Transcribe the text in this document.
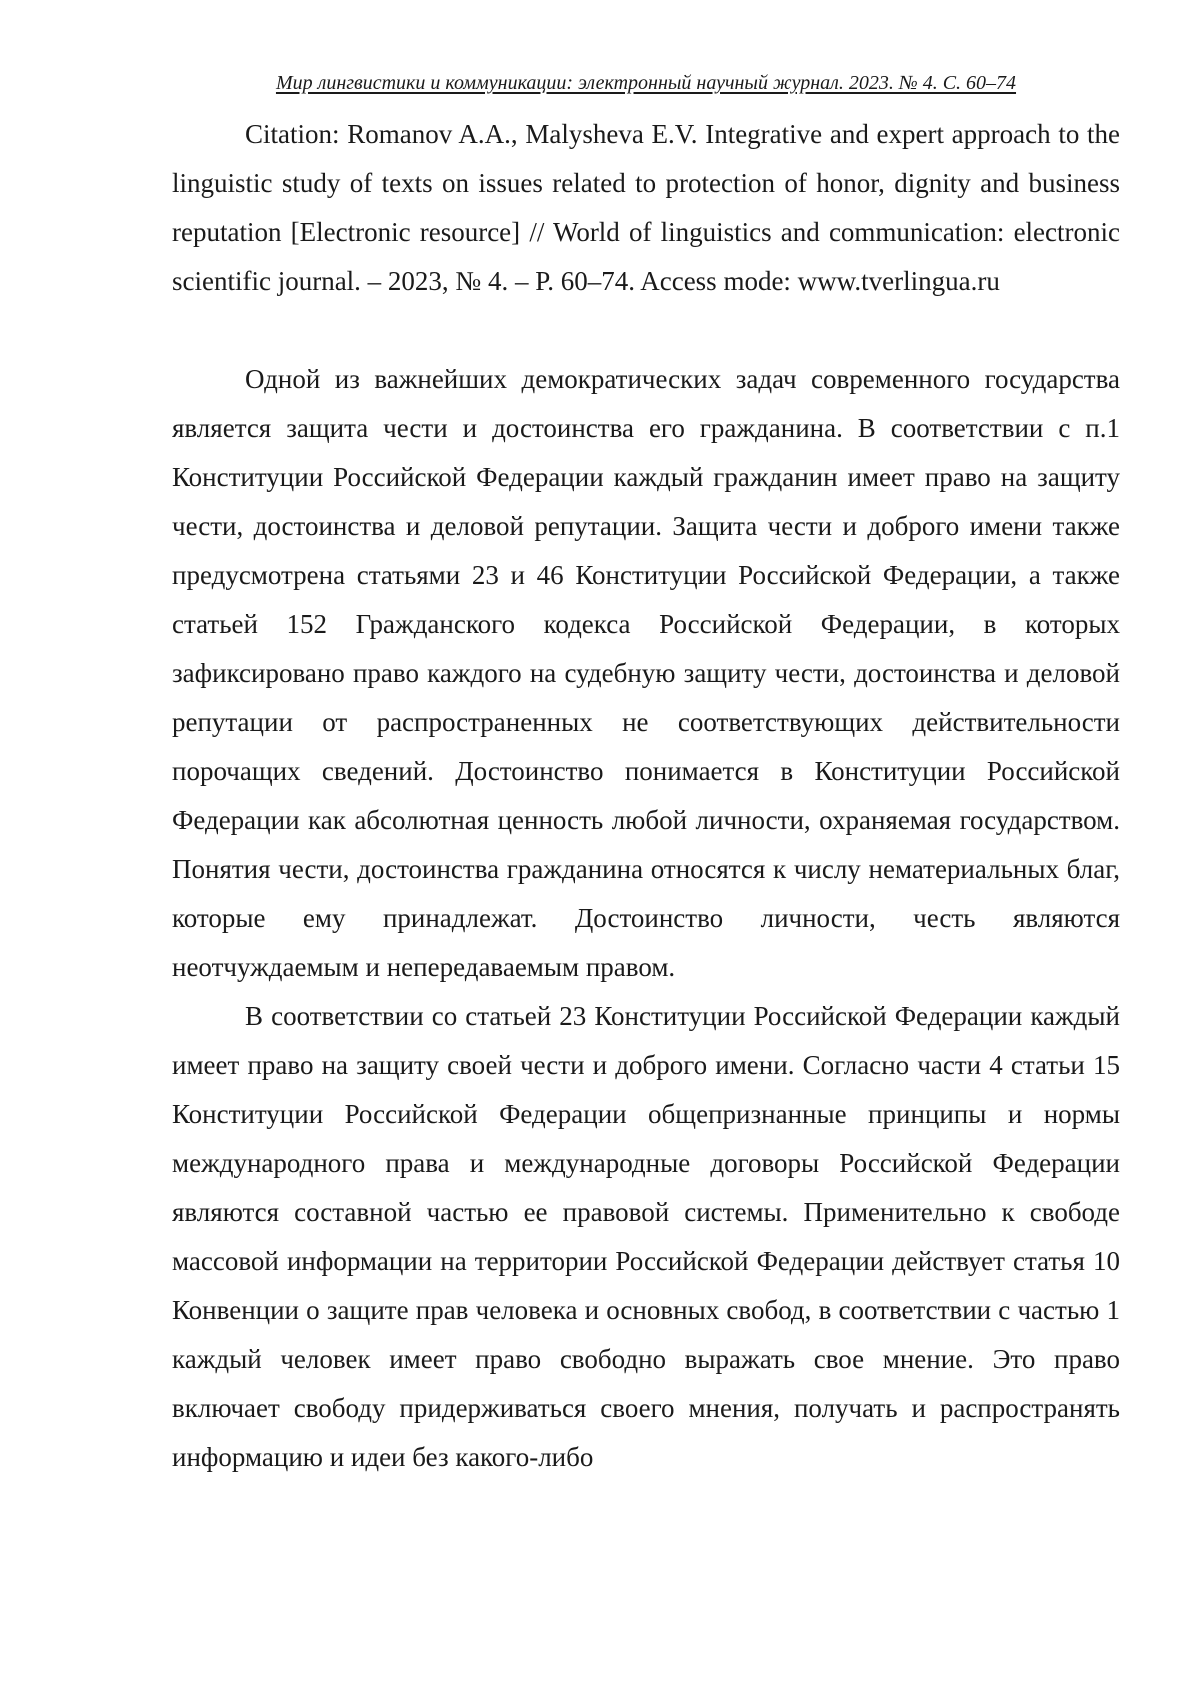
Мир лингвистики и коммуникации: электронный научный журнал. 2023. № 4. С. 60–74

Citation: Romanov A.A., Malysheva E.V. Integrative and expert approach to the linguistic study of texts on issues related to protection of honor, dignity and business reputation [Electronic resource] // World of linguistics and communication: electronic scientific journal. – 2023, № 4. – P. 60–74. Access mode: www.tverlingua.ru

Одной из важнейших демократических задач современного государства является защита чести и достоинства его гражданина. В соответствии с п.1 Конституции Российской Федерации каждый гражданин имеет право на защиту чести, достоинства и деловой репутации. Защита чести и доброго имени также предусмотрена статьями 23 и 46 Конституции Российской Федерации, а также статьей 152 Гражданского кодекса Российской Федерации, в которых зафиксировано право каждого на судебную защиту чести, достоинства и деловой репутации от распространенных не соответствующих действительности порочащих сведений. Достоинство понимается в Конституции Российской Федерации как абсолютная ценность любой личности, охраняемая государством. Понятия чести, достоинства гражданина относятся к числу нематериальных благ, которые ему принадлежат. Достоинство личности, честь являются неотчуждаемым и непередаваемым правом.

В соответствии со статьей 23 Конституции Российской Федерации каждый имеет право на защиту своей чести и доброго имени. Согласно части 4 статьи 15 Конституции Российской Федерации общепризнанные принципы и нормы международного права и международные договоры Российской Федерации являются составной частью ее правовой системы. Применительно к свободе массовой информации на территории Российской Федерации действует статья 10 Конвенции о защите прав человека и основных свобод, в соответствии с частью 1 каждый человек имеет право свободно выражать свое мнение. Это право включает свободу придерживаться своего мнения, получать и распространять информацию и идеи без какого-либо
